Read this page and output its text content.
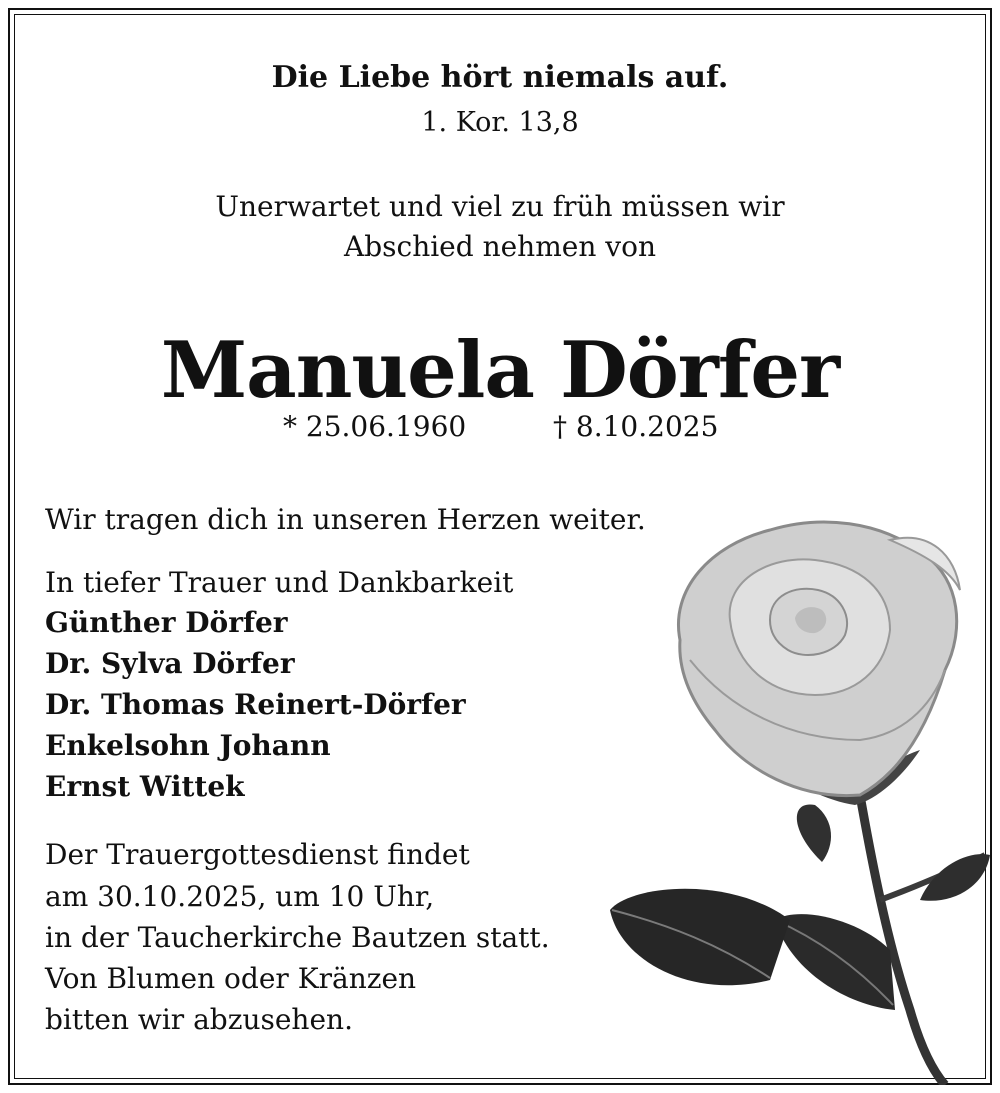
Die Liebe hört niemals auf.
1. Kor. 13,8
Unerwartet und viel zu früh müssen wir
Abschied nehmen von
Manuela Dörfer
* 25.06.1960	† 8.10.2025
Wir tragen dich in unseren Herzen weiter.
In tiefer Trauer und Dankbarkeit
Günther Dörfer
Dr. Sylva Dörfer
Dr. Thomas Reinert-Dörfer
Enkelsohn Johann
Ernst Wittek
Der Trauergottesdienst findet
am 30.10.2025, um 10 Uhr,
in der Taucherkirche Bautzen statt.
Von Blumen oder Kränzen
bitten wir abzusehen.
